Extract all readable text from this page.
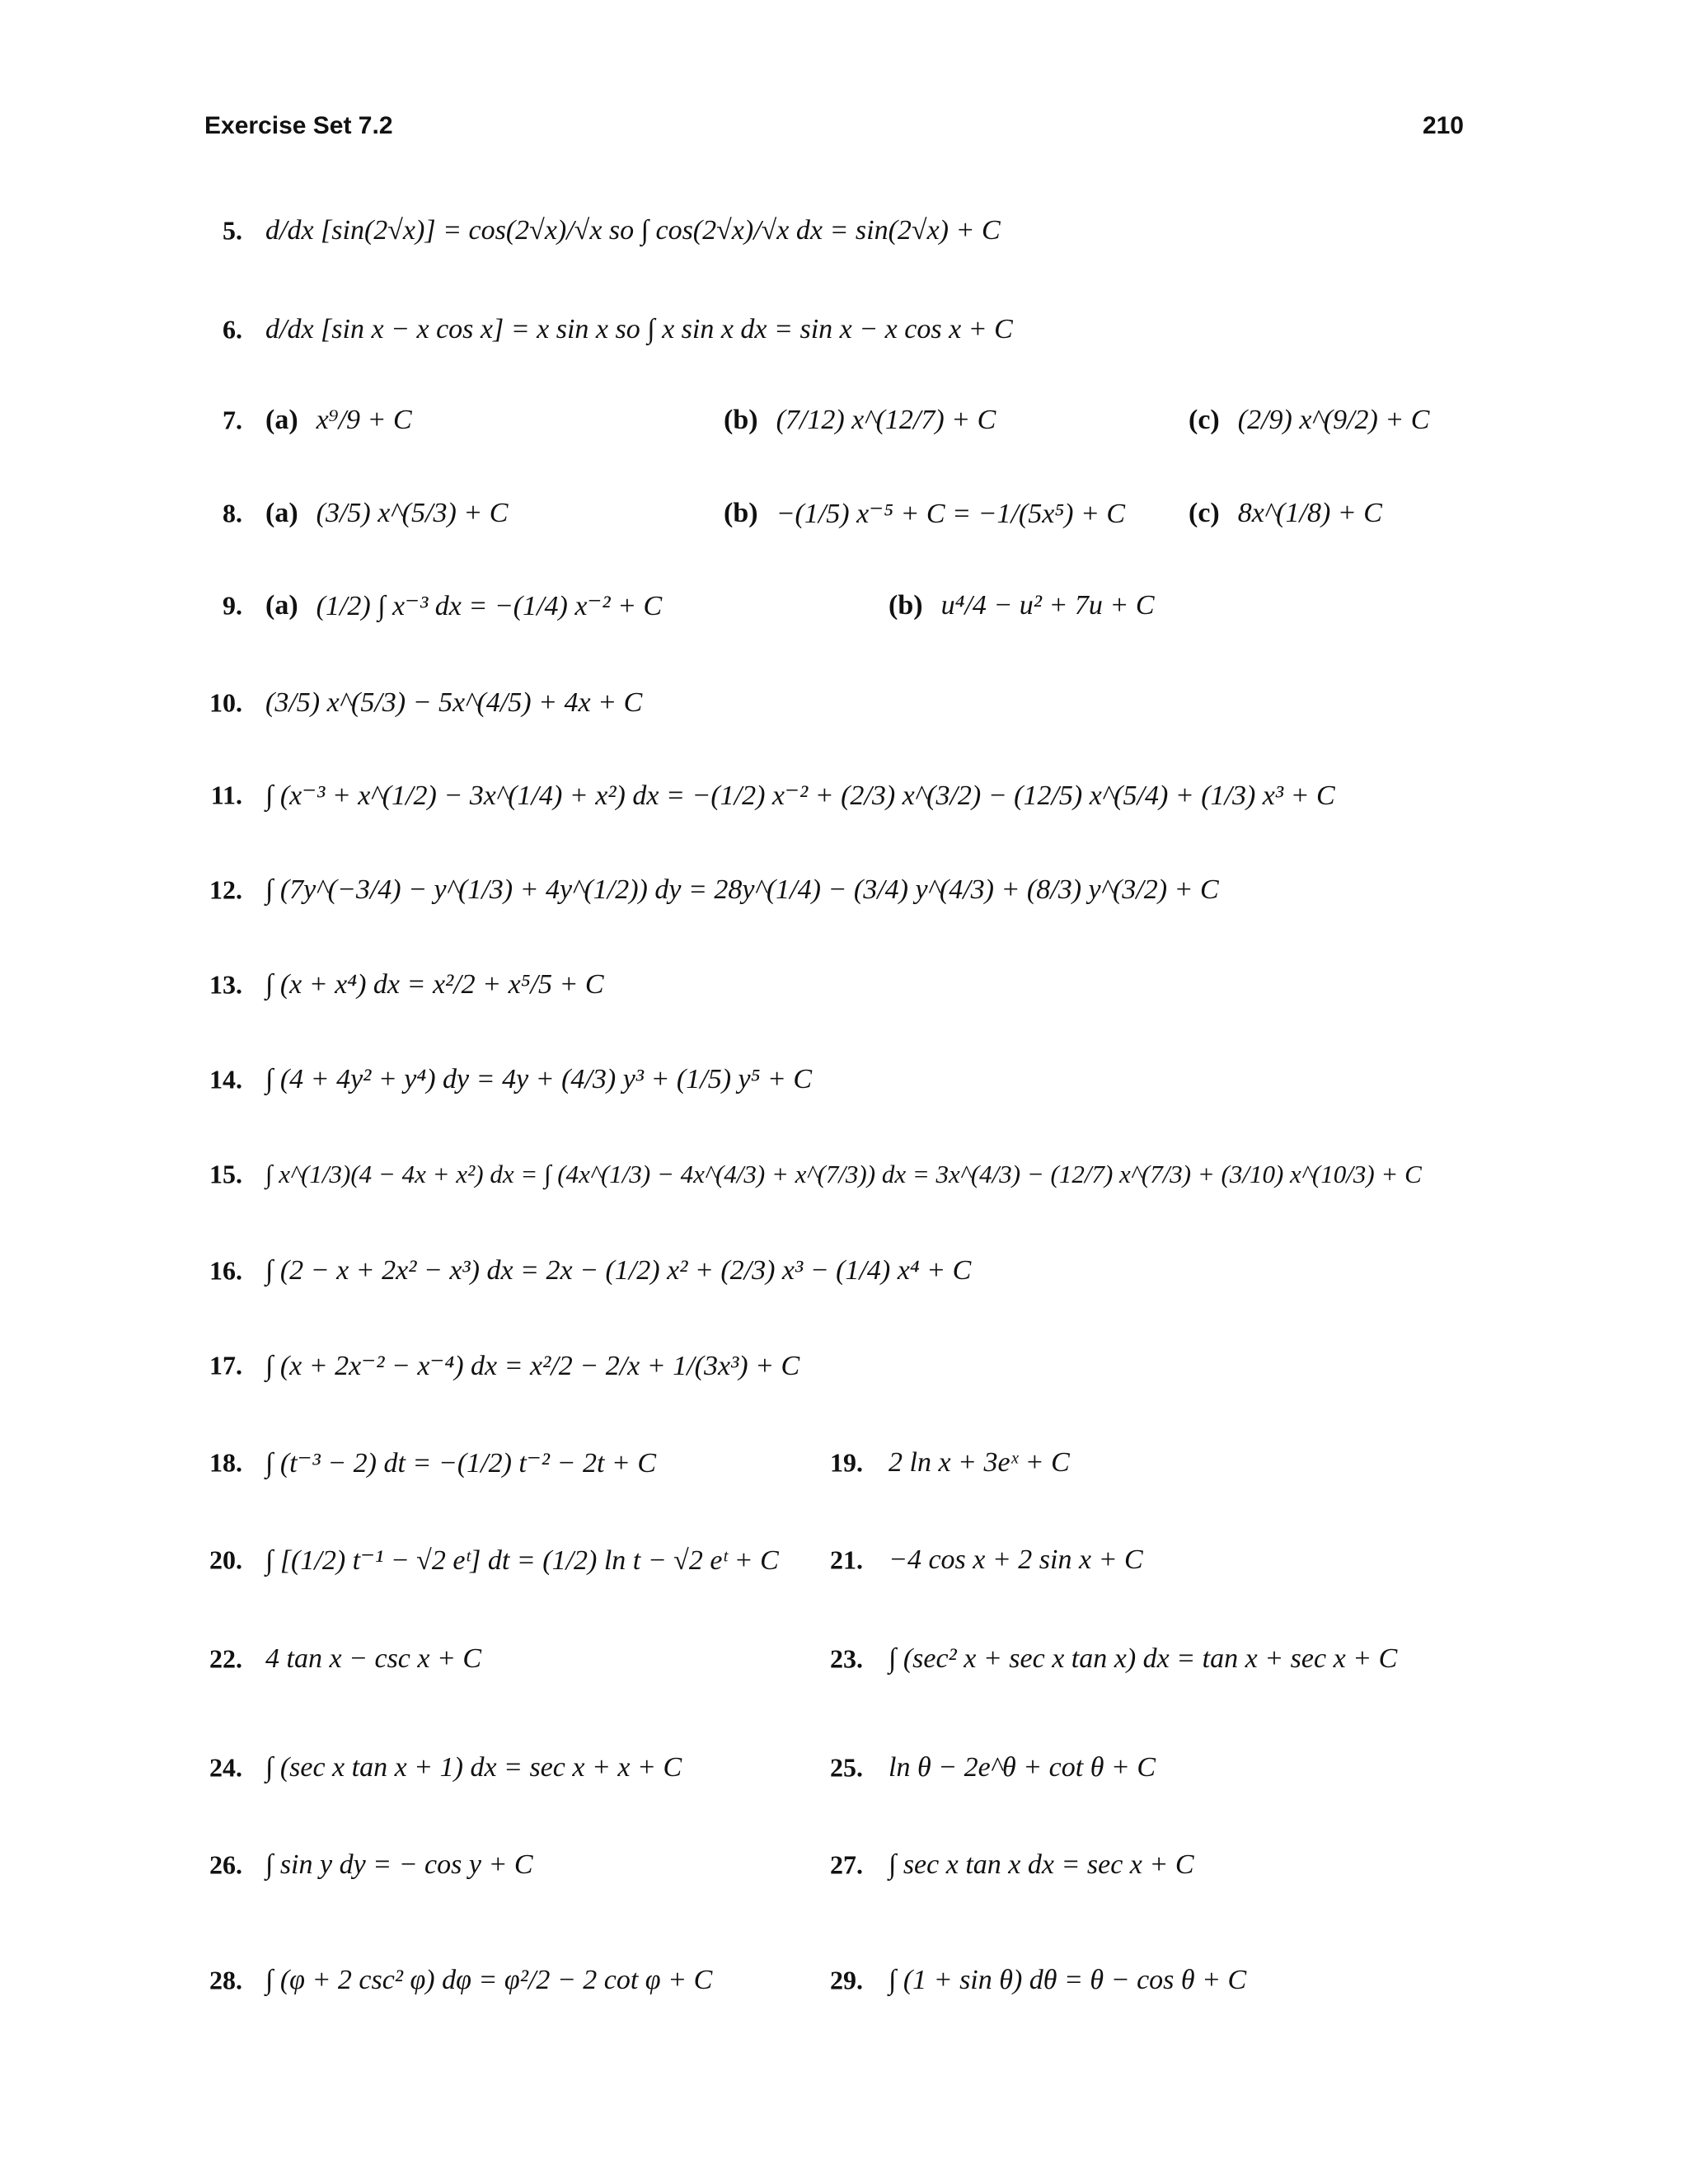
Exercise Set 7.2	210
5. d/dx [sin(2√x)] = cos(2√x)/√x so ∫ cos(2√x)/√x dx = sin(2√x) + C
6. d/dx [sin x − x cos x] = x sin x so ∫ x sin x dx = sin x − x cos x + C
7. (a) x⁹/9 + C	(b) (7/12) x^(12/7) + C	(c) (2/9) x^(9/2) + C
8. (a) (3/5) x^(5/3) + C	(b) −(1/5) x⁻⁵ + C = −1/(5x⁵) + C (c) 8x^(1/8) + C
9. (a) (1/2) ∫ x⁻³ dx = −(1/4) x⁻² + C	(b) u⁴/4 − u² + 7u + C
10. (3/5) x^(5/3) − 5x^(4/5) + 4x + C
11. ∫ (x⁻³ + x^(1/2) − 3x^(1/4) + x²) dx = −(1/2) x⁻² + (2/3) x^(3/2) − (12/5) x^(5/4) + (1/3) x³ + C
12. ∫ (7y^(−3/4) − y^(1/3) + 4y^(1/2)) dy = 28y^(1/4) − (3/4) y^(4/3) + (8/3) y^(3/2) + C
13. ∫ (x + x⁴) dx = x²/2 + x⁵/5 + C
14. ∫ (4 + 4y² + y⁴) dy = 4y + (4/3) y³ + (1/5) y⁵ + C
15. ∫ x^(1/3)(4 − 4x + x²) dx = ∫ (4x^(1/3) − 4x^(4/3) + x^(7/3)) dx = 3x^(4/3) − (12/7) x^(7/3) + (3/10) x^(10/3) + C
16. ∫ (2 − x + 2x² − x³) dx = 2x − (1/2) x² + (2/3) x³ − (1/4) x⁴ + C
17. ∫ (x + 2x⁻² − x⁻⁴) dx = x²/2 − 2/x + 1/(3x³) + C
18. ∫ (t⁻³ − 2) dt = −(1/2) t⁻² − 2t + C	19. 2 ln x + 3eˣ + C
20. ∫ [(1/2) t⁻¹ − √2 eᵗ] dt = (1/2) ln t − √2 eᵗ + C	21. −4 cos x + 2 sin x + C
22. 4 tan x − csc x + C	23. ∫ (sec² x + sec x tan x) dx = tan x + sec x + C
24. ∫ (sec x tan x + 1) dx = sec x + x + C	25. ln θ − 2e^θ + cot θ + C
26. ∫ sin y dy = − cos y + C	27. ∫ sec x tan x dx = sec x + C
28. ∫ (φ + 2 csc² φ) dφ = φ²/2 − 2 cot φ + C	29. ∫ (1 + sin θ) dθ = θ − cos θ + C
